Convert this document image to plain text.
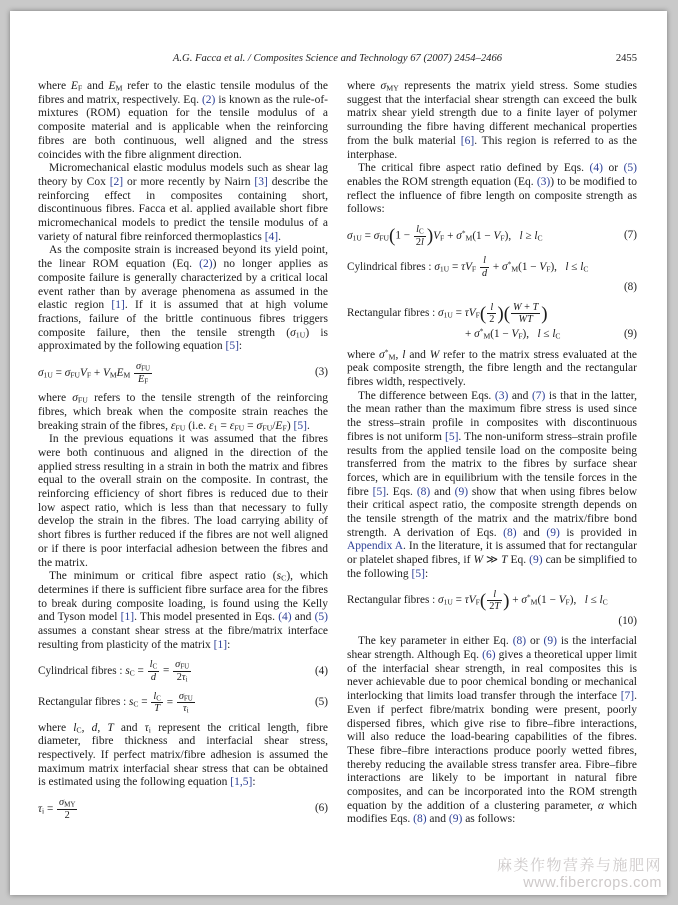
A.G. Facca et al. / Composites Science and Technology 67 (2007) 2454–2466	2455

where $E_F$ and $E_M$ refer to the elastic tensile modulus of the fibres and matrix, respectively. Eq. (2) is known as the rule-of-mixtures (ROM) equation for the tensile modulus of a composite material and is applicable when the reinforcing fibres are both continuous, well aligned and the stress coincides with the fibre alignment direction.

Micromechanical elastic modulus models such as shear lag theory by Cox [2] or more recently by Nairn [3] describe the reinforcing effect in composites containing short, discontinuous fibres. Facca et al. applied available short fibre micromechanical models to predict the tensile modulus of a variety of natural fibre reinforced thermoplastics [4].

As the composite strain is increased beyond its yield point, the linear ROM equation (Eq. (2)) no longer applies as composite failure is generally characterized by a critical local event rather than by average phenomena as assumed in the elastic region [1]. If it is assumed that at high volume fractions, failure of the brittle continuous fibres triggers composite failure, then the tensile strength $(\sigma_{1U})$ is approximated by the following equation [5]:

$\sigma_{1U} = \sigma_{FU}V_F + V_ME_M \frac{\sigma_{FU}}{E_F}$	(3)

where $\sigma_{FU}$ refers to the tensile strength of the reinforcing fibres, which break when the composite strain reaches the breaking strain of the fibres, $\varepsilon_{FU}$ (i.e. $\varepsilon_1 = \varepsilon_{FU} = \sigma_{FU}/E_F$) [5].

In the previous equations it was assumed that the fibres were both continuous and aligned in the direction of the applied stress resulting in a strain in both the matrix and fibres equal to the overall strain on the composite. In contrast, the reinforcing efficiency of short fibres is reduced due to their low aspect ratio, which is less than that necessary to fully develop the strain in the fibres. The load carrying ability of short fibres is further reduced if the fibres are not well aligned or if there is poor interfacial adhesion between the fibres and the matrix.

The minimum or critical fibre aspect ratio $(s_C)$, which determines if there is sufficient fibre surface area for the fibres to break during composite loading, is found using the Kelly and Tyson model [1]. This model presented in Eqs. (4) and (5) assumes a constant shear stress at the fibre/matrix interface resulting from plasticity of the matrix [1]:

Cylindrical fibres : $s_C = \frac{l_C}{d} = \frac{\sigma_{FU}}{2\tau_i}$	(4)
Rectangular fibres : $s_C = \frac{l_C}{T} = \frac{\sigma_{FU}}{\tau_i}$	(5)

where $l_C$, d, T and $\tau_i$ represent the critical length, fibre diameter, fibre thickness and interfacial shear stress, respectively. If perfect matrix/fibre adhesion is assumed the maximum matrix interfacial shear stress that can be obtained is estimated using the following equation [1,5]:

$\tau_i = \frac{\sigma_{MY}}{2}$	(6)

where $\sigma_{MY}$ represents the matrix yield stress. Some studies suggest that the interfacial shear strength can exceed the bulk matrix shear yield strength due to a finite layer of polymer surrounding the fibre having different mechanical properties from the bulk material [6]. This region is referred to as the interphase.

The critical fibre aspect ratio defined by Eqs. (4) or (5) enables the ROM strength equation (Eq. (3)) to be modified to reflect the influence of fibre length on composite strength as follows:

$\sigma_{1U} = \sigma_{FU}(1 - \frac{l_C}{2l} )V_F + \sigma^*_M(1 - V_F)$,   $l \ge l_C$	(7)
Cylindrical fibres : $\sigma_{1U} = \tau V_F \frac{l}{d} + \sigma^*_M(1 - V_F)$,   $l \le l_C$
(8)
Rectangular fibres : $\sigma_{1U} = \tau V_F( \frac{l}{2}$ )( $\frac{W + T}{WT}$ )
+ $\sigma^*_M(1 - V_F)$,   $l \le l_C$	(9)

where $\sigma^*_M$, l and W refer to the matrix stress evaluated at the peak composite strength, the fibre length and the rectangular fibres width, respectively.

The difference between Eqs. (3) and (7) is that in the latter, the mean rather than the maximum fibre stress is used since the stress–strain profile in composites with discontinuous fibres is not uniform [5]. The non-uniform stress–strain profile results from the applied tensile load on the composite being transferred from the matrix to the fibres by surface shear forces, which are in equilibrium with the tensile forces in the fibre [5]. Eqs. (8) and (9) show that when using fibres below their critical aspect ratio, the composite strength depends on the tensile strength of the matrix and the matrix/fibre bond strength. A derivation of Eqs. (8) and (9) is provided in Appendix A. In the literature, it is assumed that for rectangular or platelet shaped fibres, if W ≫ T Eq. (9) can be simplified to the following [5]:

Rectangular fibres : $\sigma_{1U} = \tau V_F( \frac{l}{2T}$ ) + $\sigma^*_M(1 - V_F)$,   $l \le l_C$
(10)

The key parameter in either Eq. (8) or (9) is the interfacial shear strength. Although Eq. (6) gives a theoretical upper limit of the interfacial shear strength, in real composites this is never achievable due to poor chemical bonding or mechanical interlocking that limits load transfer through the interface [7]. Even if perfect fibre/matrix bonding were present, poorly dispersed fibres, which give rise to fibre–fibre interactions, will also reduce the load-bearing capabilities of the fibres. These fibre–fibre interactions produce poorly wetted fibres, thereby reducing the available stress transfer area. Fibre–fibre interactions are likely to be important in natural fibre composites, and can be incorporated into the ROM strength equation by the addition of a clustering parameter, α which modifies Eqs. (8) and (9) as follows:

麻类作物营养与施肥网
www.fibercrops.com
